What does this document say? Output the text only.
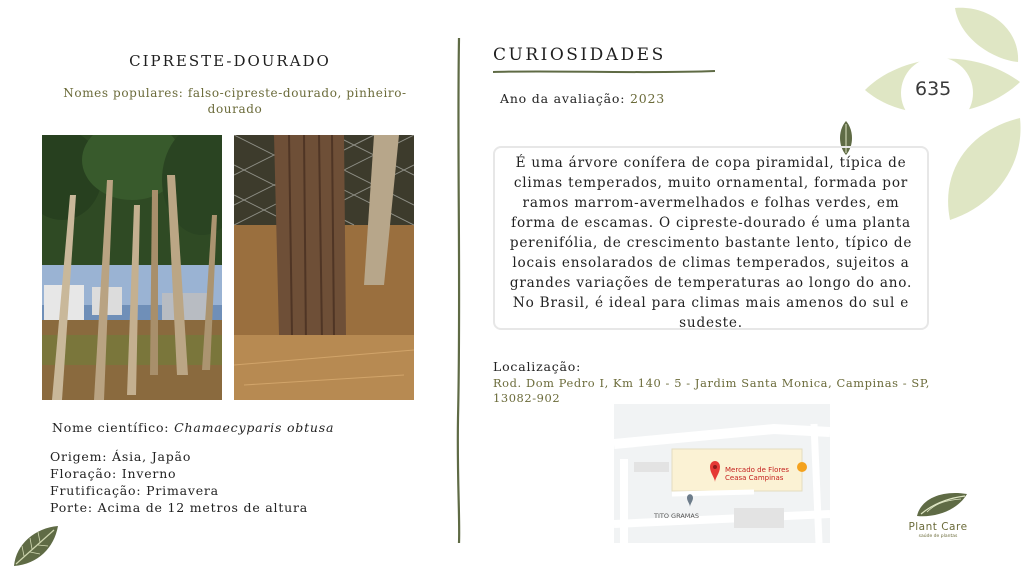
635
CIPRESTE-DOURADO
Nomes populares: falso-cipreste-dourado, pinheiro-dourado
Nome científico: Chamaecyparis obtusa
Origem: Ásia, Japão
Floração: Inverno
Frutificação: Primavera
Porte: Acima de 12 metros de altura
CURIOSIDADES
Ano da avaliação: 2023
É uma árvore conífera de copa piramidal, típica de climas temperados, muito ornamental, formada por ramos marrom-avermelhados e folhas verdes, em forma de escamas. O cipreste-dourado é uma planta perenifólia, de crescimento bastante lento, típico de locais ensolarados de climas temperados, sujeitos a grandes variações de temperaturas ao longo do ano. No Brasil, é ideal para climas mais amenos do sul e sudeste.
Localização:
Rod. Dom Pedro I, Km 140 - 5 - Jardim Santa Monica, Campinas - SP, 13082-902
Mercado de Flores
Ceasa Campinas
TITO GRAMAS
Plant Care
saúde de plantas
